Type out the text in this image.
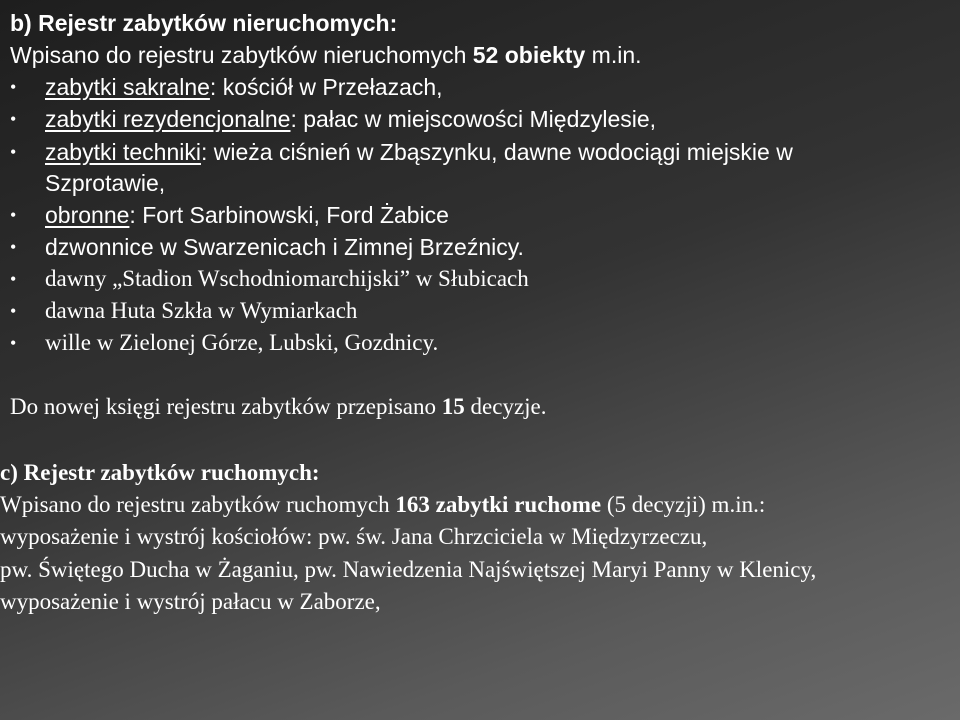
b) Rejestr zabytków nieruchomych:
Wpisano do rejestru zabytków nieruchomych 52 obiekty m.in.
• zabytki sakralne: kościół w Przełazach,
• zabytki rezydencjonalne: pałac w miejscowości Międzylesie,
• zabytki techniki: wieża ciśnień w Zbąszynku, dawne wodociągi miejskie w
Szprotawie,
• obronne: Fort Sarbinowski, Ford Żabice
• dzwonnice w Swarzenicach i Zimnej Brzeźnicy.
• dawny „Stadion Wschodniomarchijski” w Słubicach
• dawna Huta Szkła w Wymiarkach
• wille w Zielonej Górze, Lubski, Gozdnicy.
Do nowej księgi rejestru zabytków przepisano 15 decyzje.
c) Rejestr zabytków ruchomych:
Wpisano do rejestru zabytków ruchomych 163 zabytki ruchome (5 decyzji) m.in.:
wyposażenie i wystrój kościołów: pw. św. Jana Chrzciciela w Międzyrzeczu,
pw. Świętego Ducha w Żaganiu, pw. Nawiedzenia Najświętszej Maryi Panny w Klenicy,
wyposażenie i wystrój pałacu w Zaborze,
